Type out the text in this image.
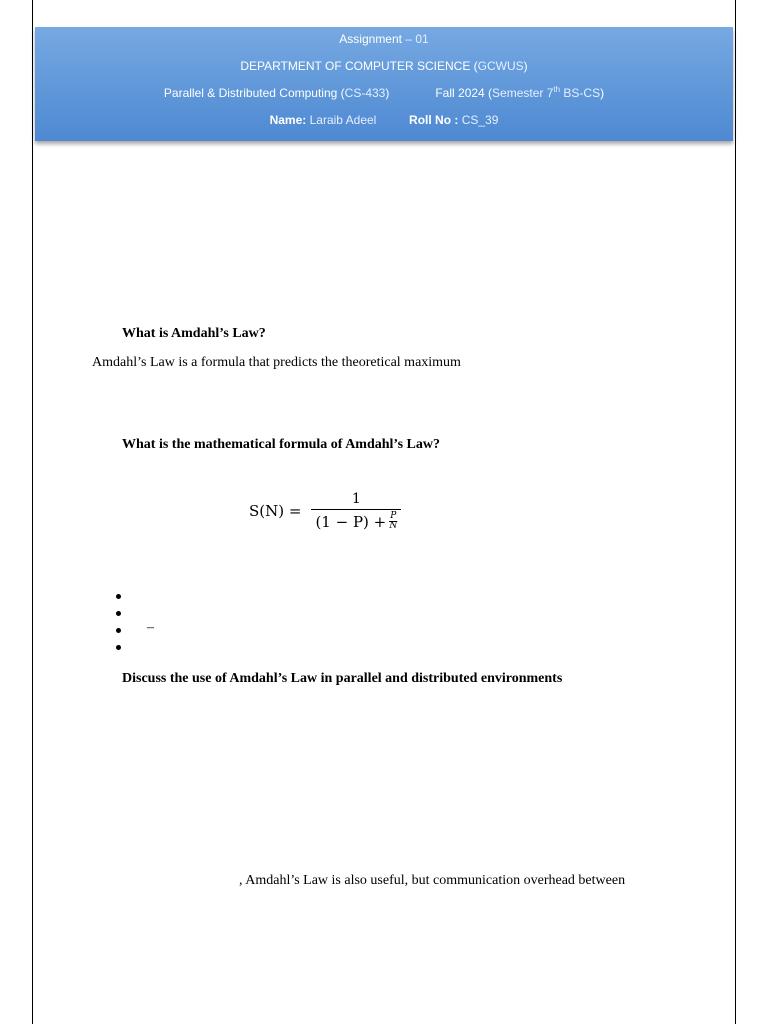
Assignment – 01
DEPARTMENT OF COMPUTER SCIENCE (GCWUS)
Parallel & Distributed Computing (CS-433)	Fall 2024 (Semester 7th BS-CS)
Name: Laraib Adeel	Roll No : CS_39
What is Amdahl’s Law?
Amdahl’s Law is a formula that predicts the theoretical maximum
What is the mathematical formula of Amdahl’s Law?
$S(N) = \frac{1}{(1 - P) + \frac{P}{N}}$
–
Discuss the use of Amdahl’s Law in parallel and distributed environments
, Amdahl’s Law is also useful, but communication overhead between
